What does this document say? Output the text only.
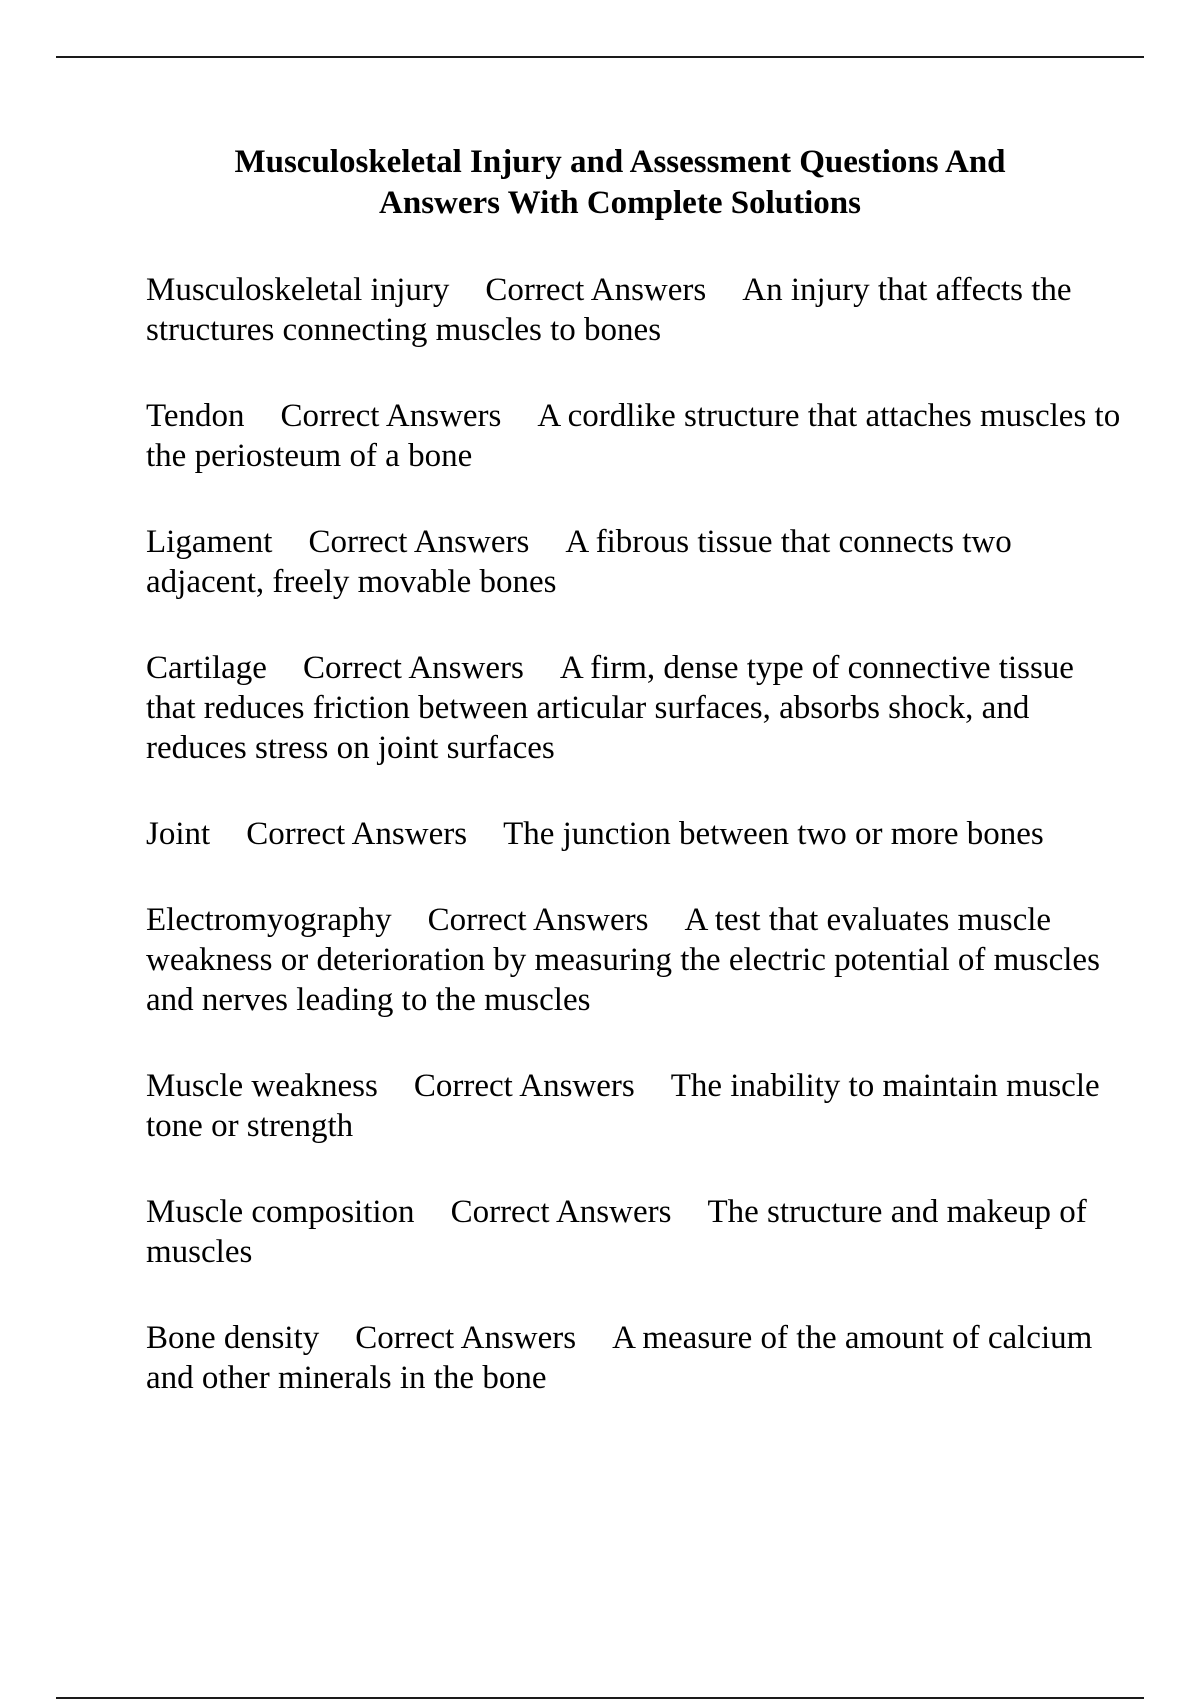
Musculoskeletal Injury and Assessment Questions And
Answers With Complete Solutions

Musculoskeletal injury Correct Answers An injury that affects the structures connecting muscles to bones

Tendon Correct Answers A cordlike structure that attaches muscles to the periosteum of a bone

Ligament Correct Answers A fibrous tissue that connects two adjacent, freely movable bones

Cartilage Correct Answers A firm, dense type of connective tissue that reduces friction between articular surfaces, absorbs shock, and reduces stress on joint surfaces

Joint Correct Answers The junction between two or more bones

Electromyography Correct Answers A test that evaluates muscle weakness or deterioration by measuring the electric potential of muscles and nerves leading to the muscles

Muscle weakness Correct Answers The inability to maintain muscle tone or strength

Muscle composition Correct Answers The structure and makeup of muscles

Bone density Correct Answers A measure of the amount of calcium and other minerals in the bone
